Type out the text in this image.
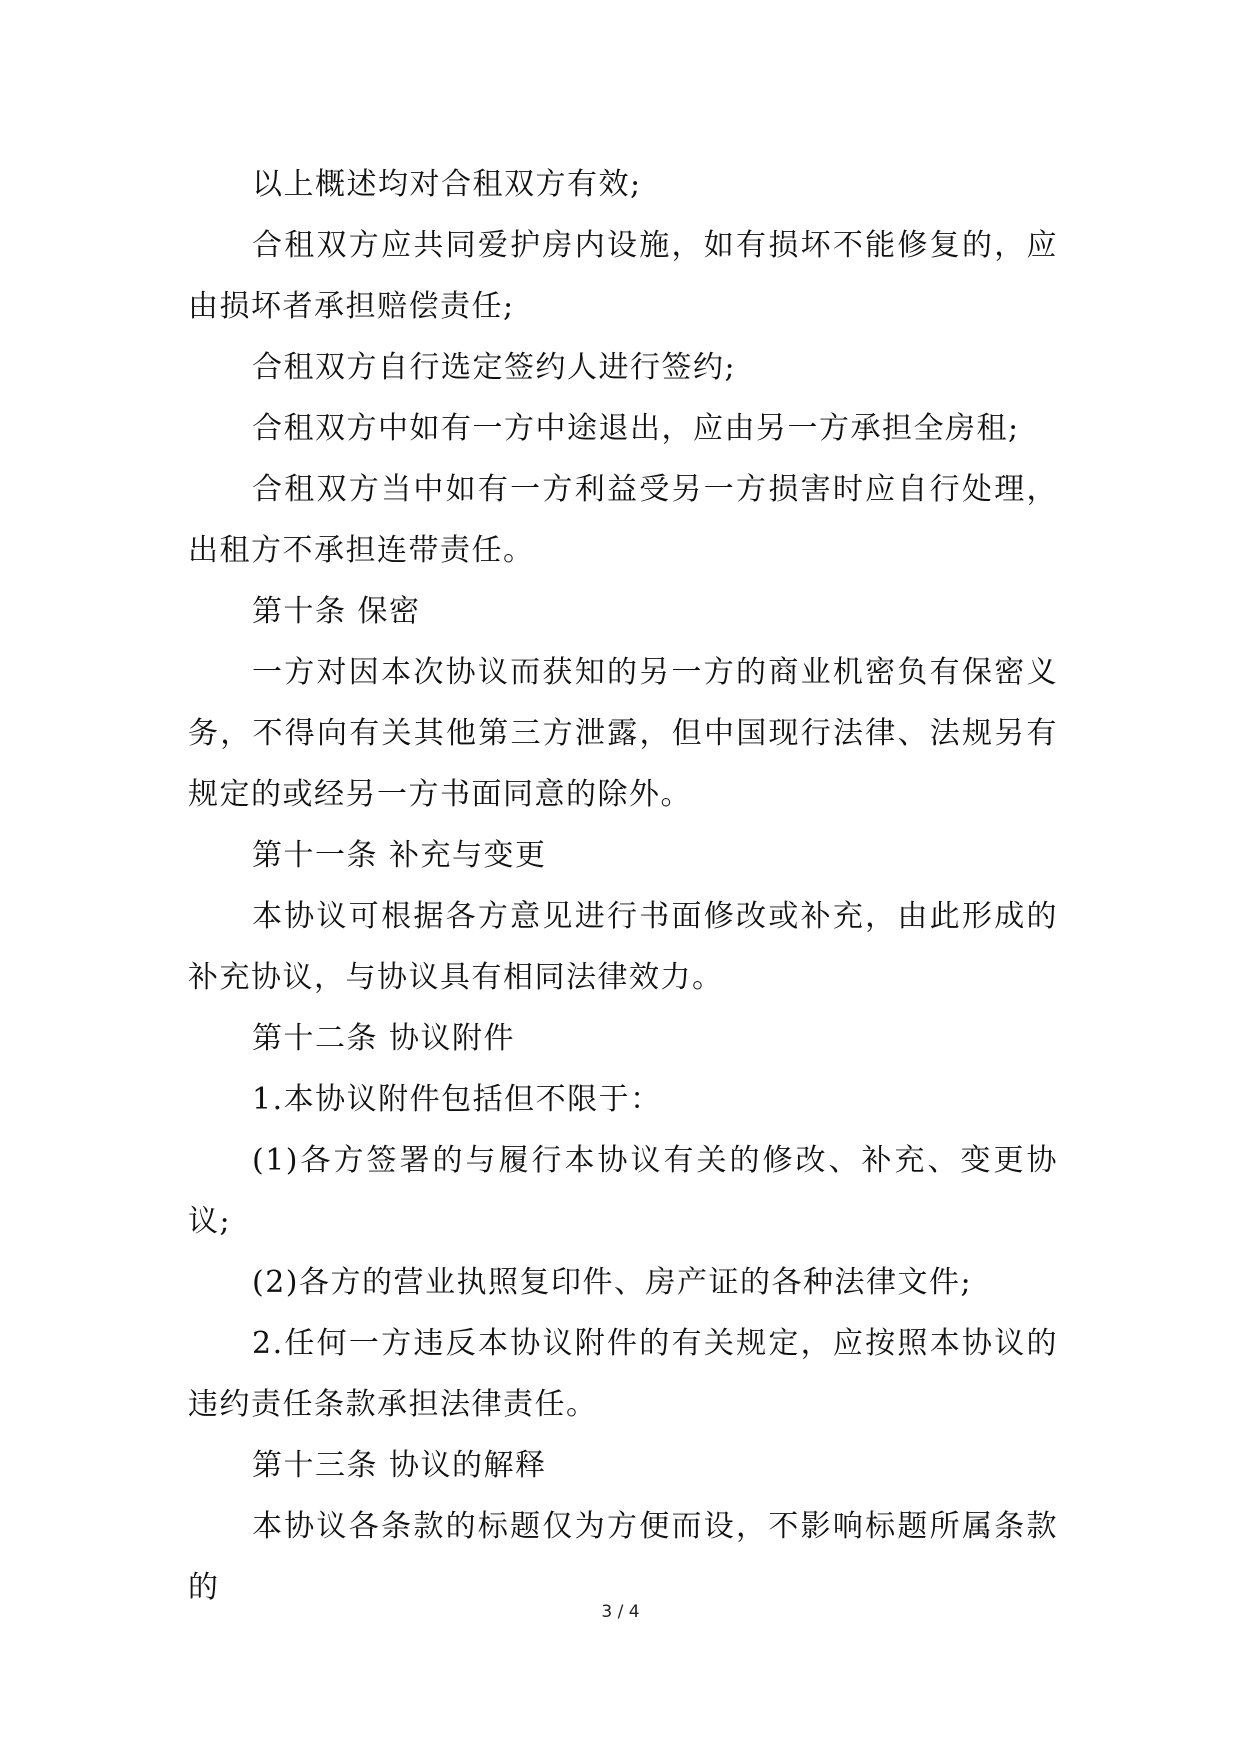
以上概述均对合租双方有效;

合租双方应共同爱护房内设施，如有损坏不能修复的，应由损坏者承担赔偿责任;

合租双方自行选定签约人进行签约;

合租双方中如有一方中途退出，应由另一方承担全房租;

合租双方当中如有一方利益受另一方损害时应自行处理，出租方不承担连带责任。

第十条 保密

一方对因本次协议而获知的另一方的商业机密负有保密义务，不得向有关其他第三方泄露，但中国现行法律、法规另有规定的或经另一方书面同意的除外。

第十一条 补充与变更

本协议可根据各方意见进行书面修改或补充，由此形成的补充协议，与协议具有相同法律效力。

第十二条 协议附件

1.本协议附件包括但不限于：

(1)各方签署的与履行本协议有关的修改、补充、变更协议;

(2)各方的营业执照复印件、房产证的各种法律文件;

2.任何一方违反本协议附件的有关规定，应按照本协议的违约责任条款承担法律责任。

第十三条 协议的解释

本协议各条款的标题仅为方便而设，不影响标题所属条款的

3 / 4
